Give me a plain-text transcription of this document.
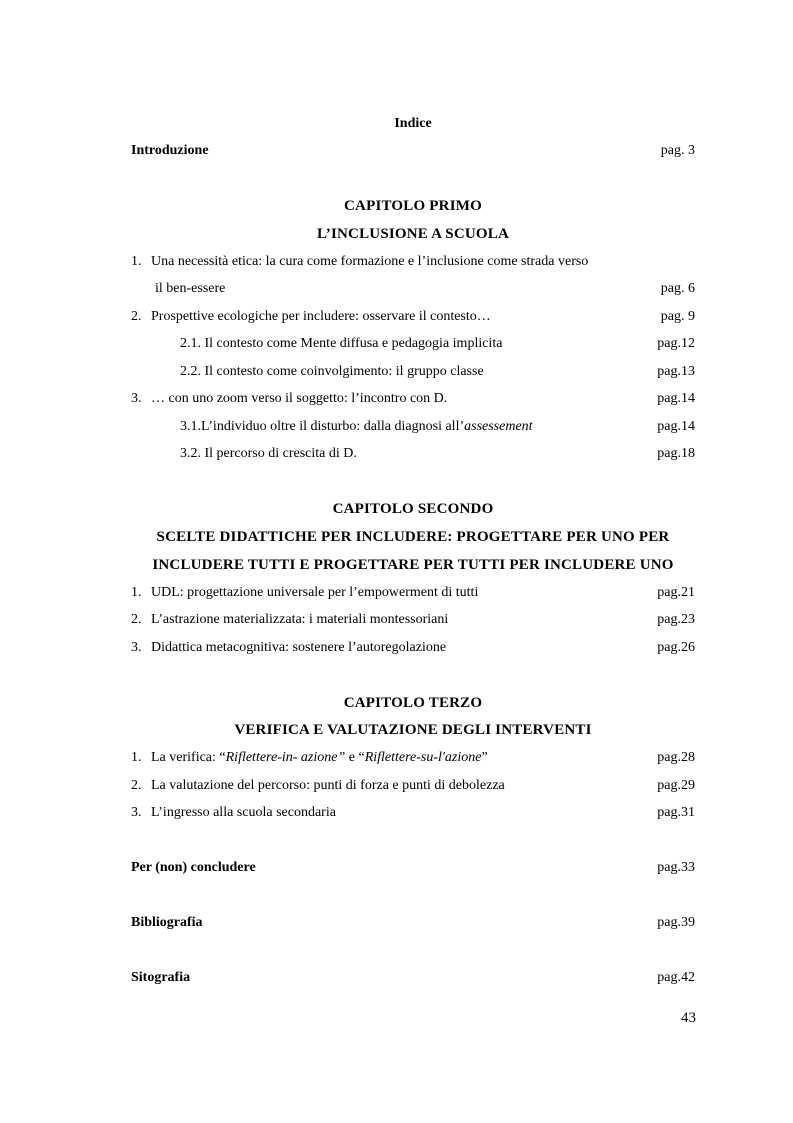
Indice
Introduzione	pag. 3
CAPITOLO PRIMO
L’INCLUSIONE A SCUOLA
1. Una necessità etica: la cura come formazione e l’inclusione come strada verso
il ben-essere	pag. 6
2. Prospettive ecologiche per includere: osservare il contesto…	pag. 9
2.1. Il contesto come Mente diffusa e pedagogia implicita	pag.12
2.2. Il contesto come coinvolgimento: il gruppo classe	pag.13
3. … con uno zoom verso il soggetto: l’incontro con D.	pag.14
3.1.L’individuo oltre il disturbo: dalla diagnosi all’assessement	pag.14
3.2. Il percorso di crescita di D.	pag.18
CAPITOLO SECONDO
SCELTE DIDATTICHE PER INCLUDERE: PROGETTARE PER UNO PER
INCLUDERE TUTTI E PROGETTARE PER TUTTI PER INCLUDERE UNO
1. UDL: progettazione universale per l’empowerment di tutti	pag.21
2. L’astrazione materializzata: i materiali montessoriani	pag.23
3. Didattica metacognitiva: sostenere l’autoregolazione	pag.26
CAPITOLO TERZO
VERIFICA E VALUTAZIONE DEGLI INTERVENTI
1. La verifica: “Riflettere-in- azione” e “Riflettere-su-l'azione”	pag.28
2. La valutazione del percorso: punti di forza e punti di debolezza	pag.29
3. L’ingresso alla scuola secondaria	pag.31
Per (non) concludere	pag.33
Bibliografia	pag.39
Sitografia	pag.42
43
